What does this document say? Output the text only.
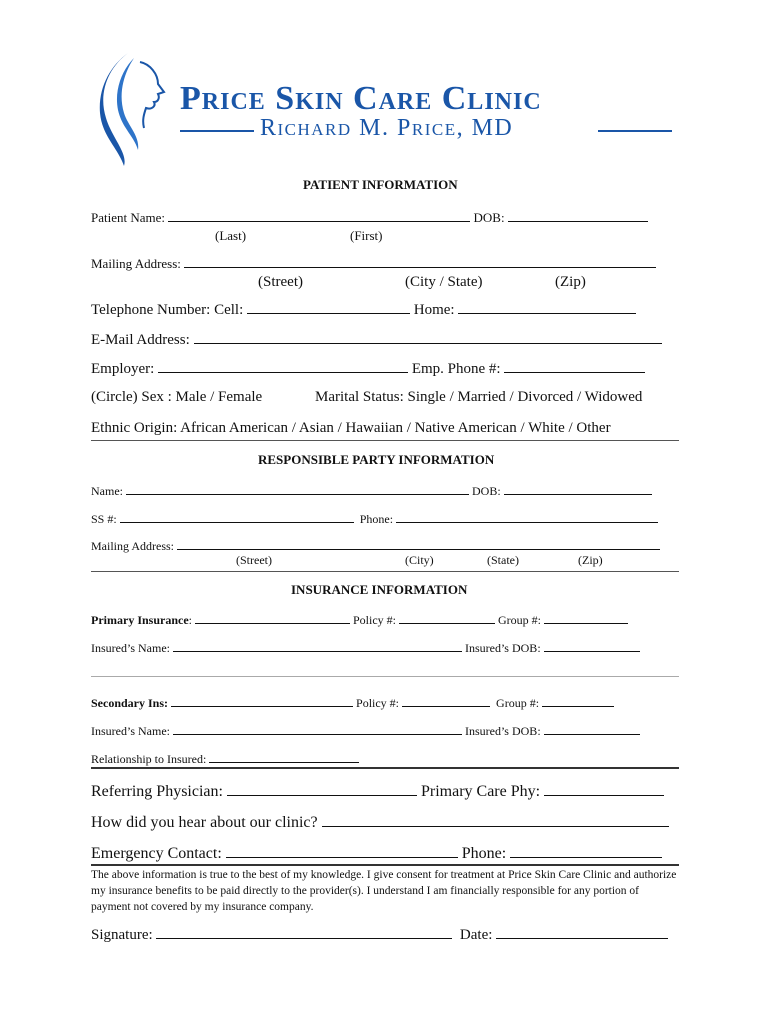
Price Skin Care Clinic
Richard M. Price, MD
PATIENT INFORMATION
Patient Name:	DOB:
(Last)	(First)
Mailing Address:
(Street)	(City / State)	(Zip)
Telephone Number: Cell:	Home:
E-Mail Address:
Employer:	Emp. Phone #:
(Circle) Sex : Male / Female	Marital Status: Single / Married / Divorced / Widowed
Ethnic Origin: African American / Asian / Hawaiian / Native American / White / Other
RESPONSIBLE PARTY INFORMATION
Name:	DOB:
SS #:	Phone:
Mailing Address:
(Street)	(City)	(State)	(Zip)
INSURANCE INFORMATION
Primary Insurance:	Policy #:	Group #:
Insured’s Name:	Insured’s DOB:
Secondary Ins:	Policy #:	Group #:
Insured’s Name:	Insured’s DOB:
Relationship to Insured:
Referring Physician:	Primary Care Phy:
How did you hear about our clinic?
Emergency Contact:	Phone:
The above information is true to the best of my knowledge. I give consent for treatment at Price Skin Care Clinic and authorize my insurance benefits to be paid directly to the provider(s). I understand I am financially responsible for any portion of payment not covered by my insurance company.
Signature:	Date:
